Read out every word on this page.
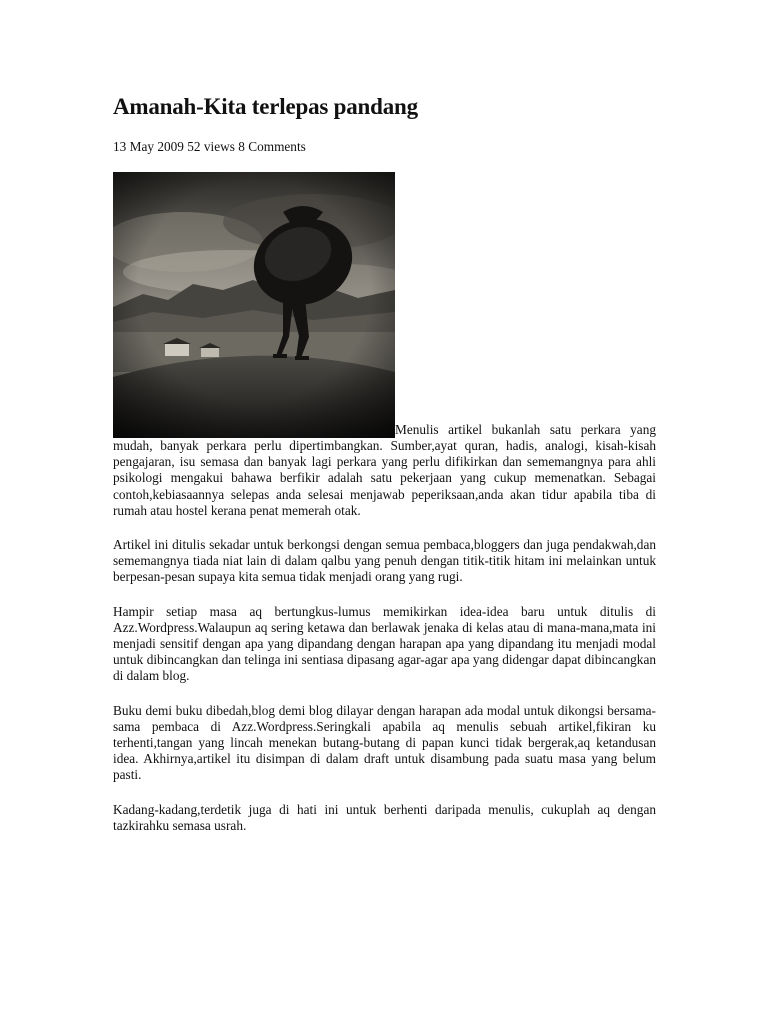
Amanah-Kita terlepas pandang
13 May 2009 52 views 8 Comments

Menulis artikel bukanlah satu perkara yang mudah, banyak perkara perlu dipertimbangkan. Sumber,ayat quran, hadis, analogi, kisah-kisah pengajaran, isu semasa dan banyak lagi perkara yang perlu difikirkan dan sememangnya para ahli psikologi mengakui bahawa berfikir adalah satu pekerjaan yang cukup memenatkan. Sebagai contoh,kebiasaannya selepas anda selesai menjawab peperiksaan,anda akan tidur apabila tiba di rumah atau hostel kerana penat memerah otak.

Artikel ini ditulis sekadar untuk berkongsi dengan semua pembaca,bloggers dan juga pendakwah,dan sememangnya tiada niat lain di dalam qalbu yang penuh dengan titik-titik hitam ini melainkan untuk berpesan-pesan supaya kita semua tidak menjadi orang yang rugi.

Hampir setiap masa aq bertungkus-lumus memikirkan idea-idea baru untuk ditulis di Azz.Wordpress.Walaupun aq sering ketawa dan berlawak jenaka di kelas atau di mana-mana,mata ini menjadi sensitif dengan apa yang dipandang dengan harapan apa yang dipandang itu menjadi modal untuk dibincangkan dan telinga ini sentiasa dipasang agar-agar apa yang didengar dapat dibincangkan di dalam blog.

Buku demi buku dibedah,blog demi blog dilayar dengan harapan ada modal untuk dikongsi bersama-sama pembaca di Azz.Wordpress.Seringkali apabila aq menulis sebuah artikel,fikiran ku terhenti,tangan yang lincah menekan butang-butang di papan kunci tidak bergerak,aq ketandusan idea. Akhirnya,artikel itu disimpan di dalam draft untuk disambung pada suatu masa yang belum pasti.

Kadang-kadang,terdetik juga di hati ini untuk berhenti daripada menulis, cukuplah aq dengan tazkirahku semasa usrah.
